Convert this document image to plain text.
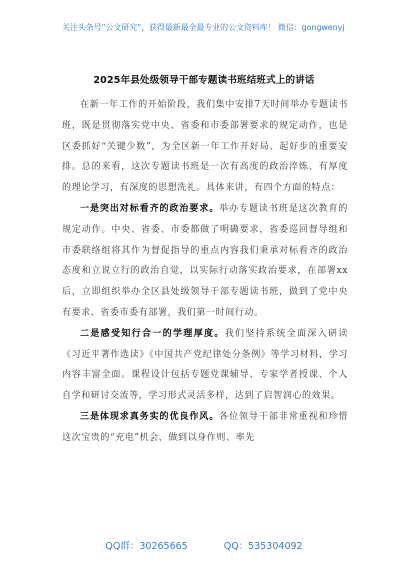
关注头条号“公文研究”，获得最新最全最专业的公文资料库！ 微信：gongwenyj
2025年县处级领导干部专题读书班结班式上的讲话

在新一年工作的开始阶段，我们集中安排7天时间举办专题读书班，既是贯彻落实党中央、省委和市委部署要求的规定动作，也是区委抓好“关键少数”，为全区新一年工作开好局、起好步的重要安排。总的来看，这次专题读书班是一次有高度的政治淬炼、有厚度的理论学习，有深度的思想洗礼。具体来讲，有四个方面的特点：

一是突出对标看齐的政治要求。举办专题读书班是这次教育的规定动作。中央、省委、市委都做了明确要求，省委巡回督导组和市委联络组将其作为督促指导的重点内容我们秉承对标看齐的政治态度和立说立行的政治自觉，以实际行动落实政治要求，在部署xx后，立即组织举办全区县处级领导干部专题读书班，做到了党中央有要求、省委市委有部署，我们第一时间行动。

二是感受知行合一的学理厚度。我们坚持系统全面深入研读《习近平著作选读》《中国共产党纪律处分条例》等学习材料，学习内容丰富全面。课程设计包括专题党课辅导、专家学者授课、个人自学和研讨交流等，学习形式灵活多样，达到了启智润心的效果。

三是体现求真务实的优良作风。各位领导干部非常重视和珍惜这次宝贵的“充电”机会，做到以身作则、率先

QQ群：30265665	QQ：535304092
